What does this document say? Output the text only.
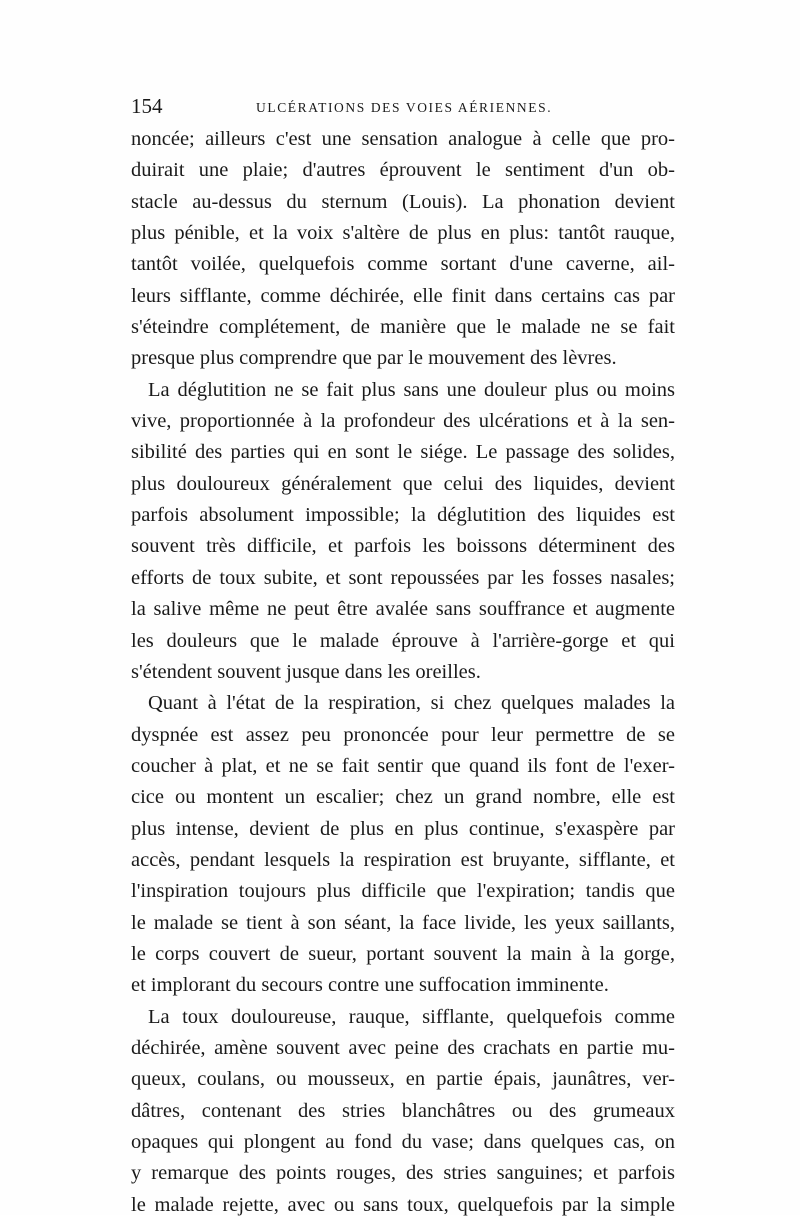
154	ULCÉRATIONS DES VOIES AÉRIENNES.
noncée; ailleurs c'est une sensation analogue à celle que pro-
duirait une plaie; d'autres éprouvent le sentiment d'un ob-
stacle au-dessus du sternum (Louis). La phonation devient
plus pénible, et la voix s'altère de plus en plus: tantôt rauque,
tantôt voilée, quelquefois comme sortant d'une caverne, ail-
leurs sifflante, comme déchirée, elle finit dans certains cas par
s'éteindre complétement, de manière que le malade ne se fait
presque plus comprendre que par le mouvement des lèvres.
La déglutition ne se fait plus sans une douleur plus ou moins
vive, proportionnée à la profondeur des ulcérations et à la sen-
sibilité des parties qui en sont le siége. Le passage des solides,
plus douloureux généralement que celui des liquides, devient
parfois absolument impossible; la déglutition des liquides est
souvent très difficile, et parfois les boissons déterminent des
efforts de toux subite, et sont repoussées par les fosses nasales;
la salive même ne peut être avalée sans souffrance et augmente
les douleurs que le malade éprouve à l'arrière-gorge et qui
s'étendent souvent jusque dans les oreilles.
Quant à l'état de la respiration, si chez quelques malades la
dyspnée est assez peu prononcée pour leur permettre de se
coucher à plat, et ne se fait sentir que quand ils font de l'exer-
cice ou montent un escalier; chez un grand nombre, elle est
plus intense, devient de plus en plus continue, s'exaspère par
accès, pendant lesquels la respiration est bruyante, sifflante, et
l'inspiration toujours plus difficile que l'expiration; tandis que
le malade se tient à son séant, la face livide, les yeux saillants,
le corps couvert de sueur, portant souvent la main à la gorge,
et implorant du secours contre une suffocation imminente.
La toux douloureuse, rauque, sifflante, quelquefois comme
déchirée, amène souvent avec peine des crachats en partie mu-
queux, coulans, ou mousseux, en partie épais, jaunâtres, ver-
dâtres, contenant des stries blanchâtres ou des grumeaux
opaques qui plongent au fond du vase; dans quelques cas, on
y remarque des points rouges, des stries sanguines; et parfois
le malade rejette, avec ou sans toux, quelquefois par la simple
